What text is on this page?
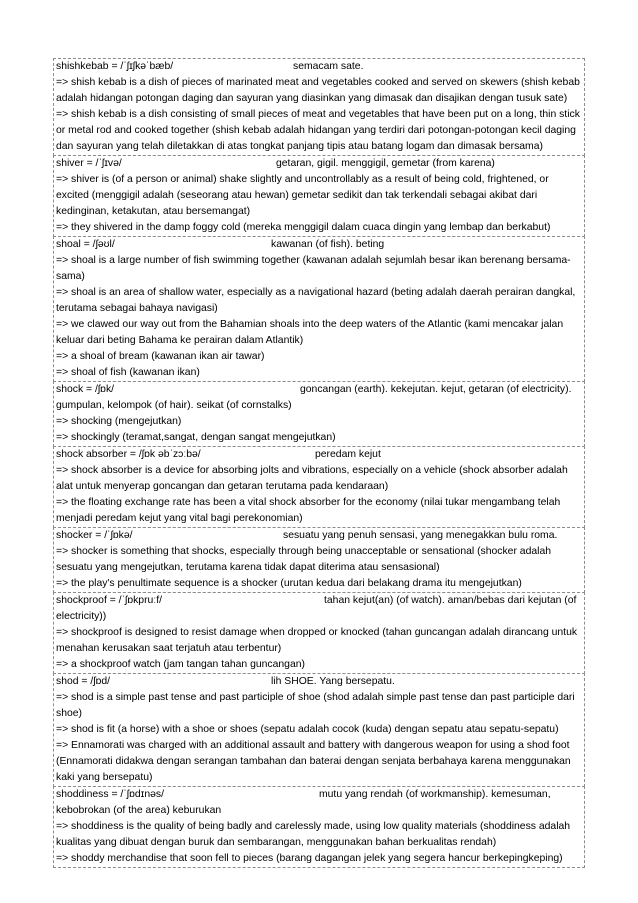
shishkebab = /ˈʃɪʃkəˈbæb/	semacam sate.
=> shish kebab is a dish of pieces of marinated meat and vegetables cooked and served on skewers (shish kebab adalah hidangan potongan daging dan sayuran yang diasinkan yang dimasak dan disajikan dengan tusuk sate)
=> shish kebab is a dish consisting of small pieces of meat and vegetables that have been put on a long, thin stick or metal rod and cooked together (shish kebab adalah hidangan yang terdiri dari potongan-potongan kecil daging dan sayuran yang telah diletakkan di atas tongkat panjang tipis atau batang logam dan dimasak bersama)
shiver = /ˈʃɪvə/	getaran, gigil. menggigil, gemetar (from karena)
=> shiver is (of a person or animal) shake slightly and uncontrollably as a result of being cold, frightened, or excited (menggigil adalah (seseorang atau hewan) gemetar sedikit dan tak terkendali sebagai akibat dari kedinginan, ketakutan, atau bersemangat)
=> they shivered in the damp foggy cold (mereka menggigil dalam cuaca dingin yang lembap dan berkabut)
shoal = /ʃəʊl/	kawanan (of fish). beting
=> shoal is a large number of fish swimming together (kawanan adalah sejumlah besar ikan berenang bersama-sama)
=> shoal is an area of shallow water, especially as a navigational hazard (beting adalah daerah perairan dangkal, terutama sebagai bahaya navigasi)
=> we clawed our way out from the Bahamian shoals into the deep waters of the Atlantic (kami mencakar jalan keluar dari beting Bahama ke perairan dalam Atlantik)
=> a shoal of bream (kawanan ikan air tawar)
=> shoal of fish (kawanan ikan)
shock = /ʃɒk/	goncangan (earth). kekejutan. kejut, getaran (of electricity). gumpulan, kelompok (of hair). seikat (of cornstalks)
=> shocking (mengejutkan)
=> shockingly (teramat,sangat, dengan sangat mengejutkan)
shock absorber = /ʃɒk əbˈzɔːbə/	peredam kejut
=> shock absorber is a device for absorbing jolts and vibrations, especially on a vehicle (shock absorber adalah alat untuk menyerap goncangan dan getaran terutama pada kendaraan)
=> the floating exchange rate has been a vital shock absorber for the economy (nilai tukar mengambang telah menjadi peredam kejut yang vital bagi perekonomian)
shocker = /ˈʃɒkə/	sesuatu yang penuh sensasi, yang menegakkan bulu roma.
=> shocker is something that shocks, especially through being unacceptable or sensational (shocker adalah sesuatu yang mengejutkan, terutama karena tidak dapat diterima atau sensasional)
=> the play's penultimate sequence is a shocker (urutan kedua dari belakang drama itu mengejutkan)
shockproof = /ˈʃɒkpruːf/	tahan kejut(an) (of watch). aman/bebas dari kejutan (of electricity))
=> shockproof is designed to resist damage when dropped or knocked (tahan guncangan adalah dirancang untuk menahan kerusakan saat terjatuh atau terbentur)
=> a shockproof watch (jam tangan tahan guncangan)
shod = /ʃɒd/	lih SHOE. Yang bersepatu.
=> shod is a simple past tense and past participle of shoe (shod adalah simple past tense dan past participle dari shoe)
=> shod is fit (a horse) with a shoe or shoes (sepatu adalah cocok (kuda) dengan sepatu atau sepatu-sepatu)
=> Ennamorati was charged with an additional assault and battery with dangerous weapon for using a shod foot (Ennamorati didakwa dengan serangan tambahan dan baterai dengan senjata berbahaya karena menggunakan kaki yang bersepatu)
shoddiness = /ˈʃɒdɪnəs/	mutu yang rendah (of workmanship). kemesuman, kebobrokan (of the area) keburukan
=> shoddiness is the quality of being badly and carelessly made, using low quality materials (shoddiness adalah kualitas yang dibuat dengan buruk dan sembarangan, menggunakan bahan berkualitas rendah)
=> shoddy merchandise that soon fell to pieces (barang dagangan jelek yang segera hancur berkepingkeping)
